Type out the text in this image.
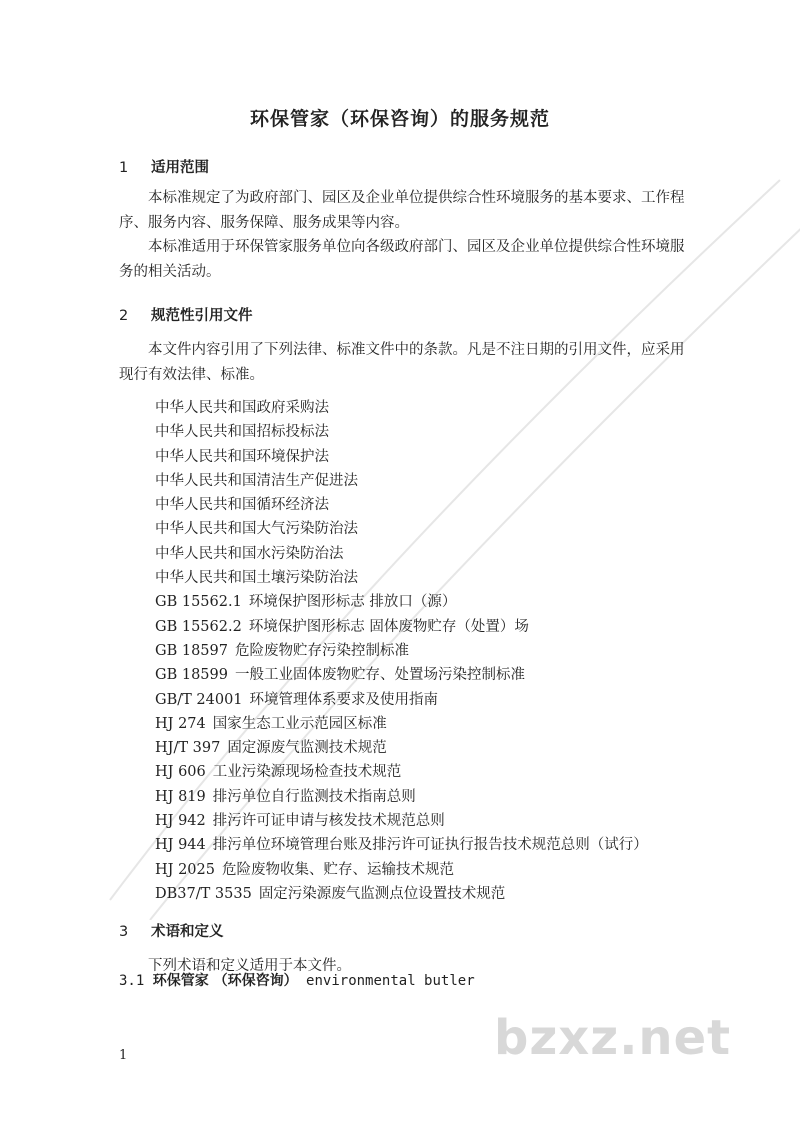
环保管家（环保咨询）的服务规范
1 适用范围

本标准规定了为政府部门、园区及企业单位提供综合性环境服务的基本要求、工作程序、服务内容、服务保障、服务成果等内容。

本标准适用于环保管家服务单位向各级政府部门、园区及企业单位提供综合性环境服务的相关活动。

2 规范性引用文件

本文件内容引用了下列法律、标准文件中的条款。凡是不注日期的引用文件，应采用现行有效法律、标准。

中华人民共和国政府采购法
中华人民共和国招标投标法
中华人民共和国环境保护法
中华人民共和国清洁生产促进法
中华人民共和国循环经济法
中华人民共和国大气污染防治法
中华人民共和国水污染防治法
中华人民共和国土壤污染防治法
GB 15562.1 环境保护图形标志 排放口（源）
GB 15562.2 环境保护图形标志 固体废物贮存（处置）场
GB 18597 危险废物贮存污染控制标准
GB 18599 一般工业固体废物贮存、处置场污染控制标准
GB/T 24001 环境管理体系要求及使用指南
HJ 274 国家生态工业示范园区标准
HJ/T 397 固定源废气监测技术规范
HJ 606 工业污染源现场检查技术规范
HJ 819 排污单位自行监测技术指南总则
HJ 942 排污许可证申请与核发技术规范总则
HJ 944 排污单位环境管理台账及排污许可证执行报告技术规范总则（试行）
HJ 2025 危险废物收集、贮存、运输技术规范
DB37/T 3535 固定污染源废气监测点位设置技术规范
3 术语和定义

下列术语和定义适用于本文件。

3.1 环保管家 （环保咨询） environmental butler
1	bzxz.net
